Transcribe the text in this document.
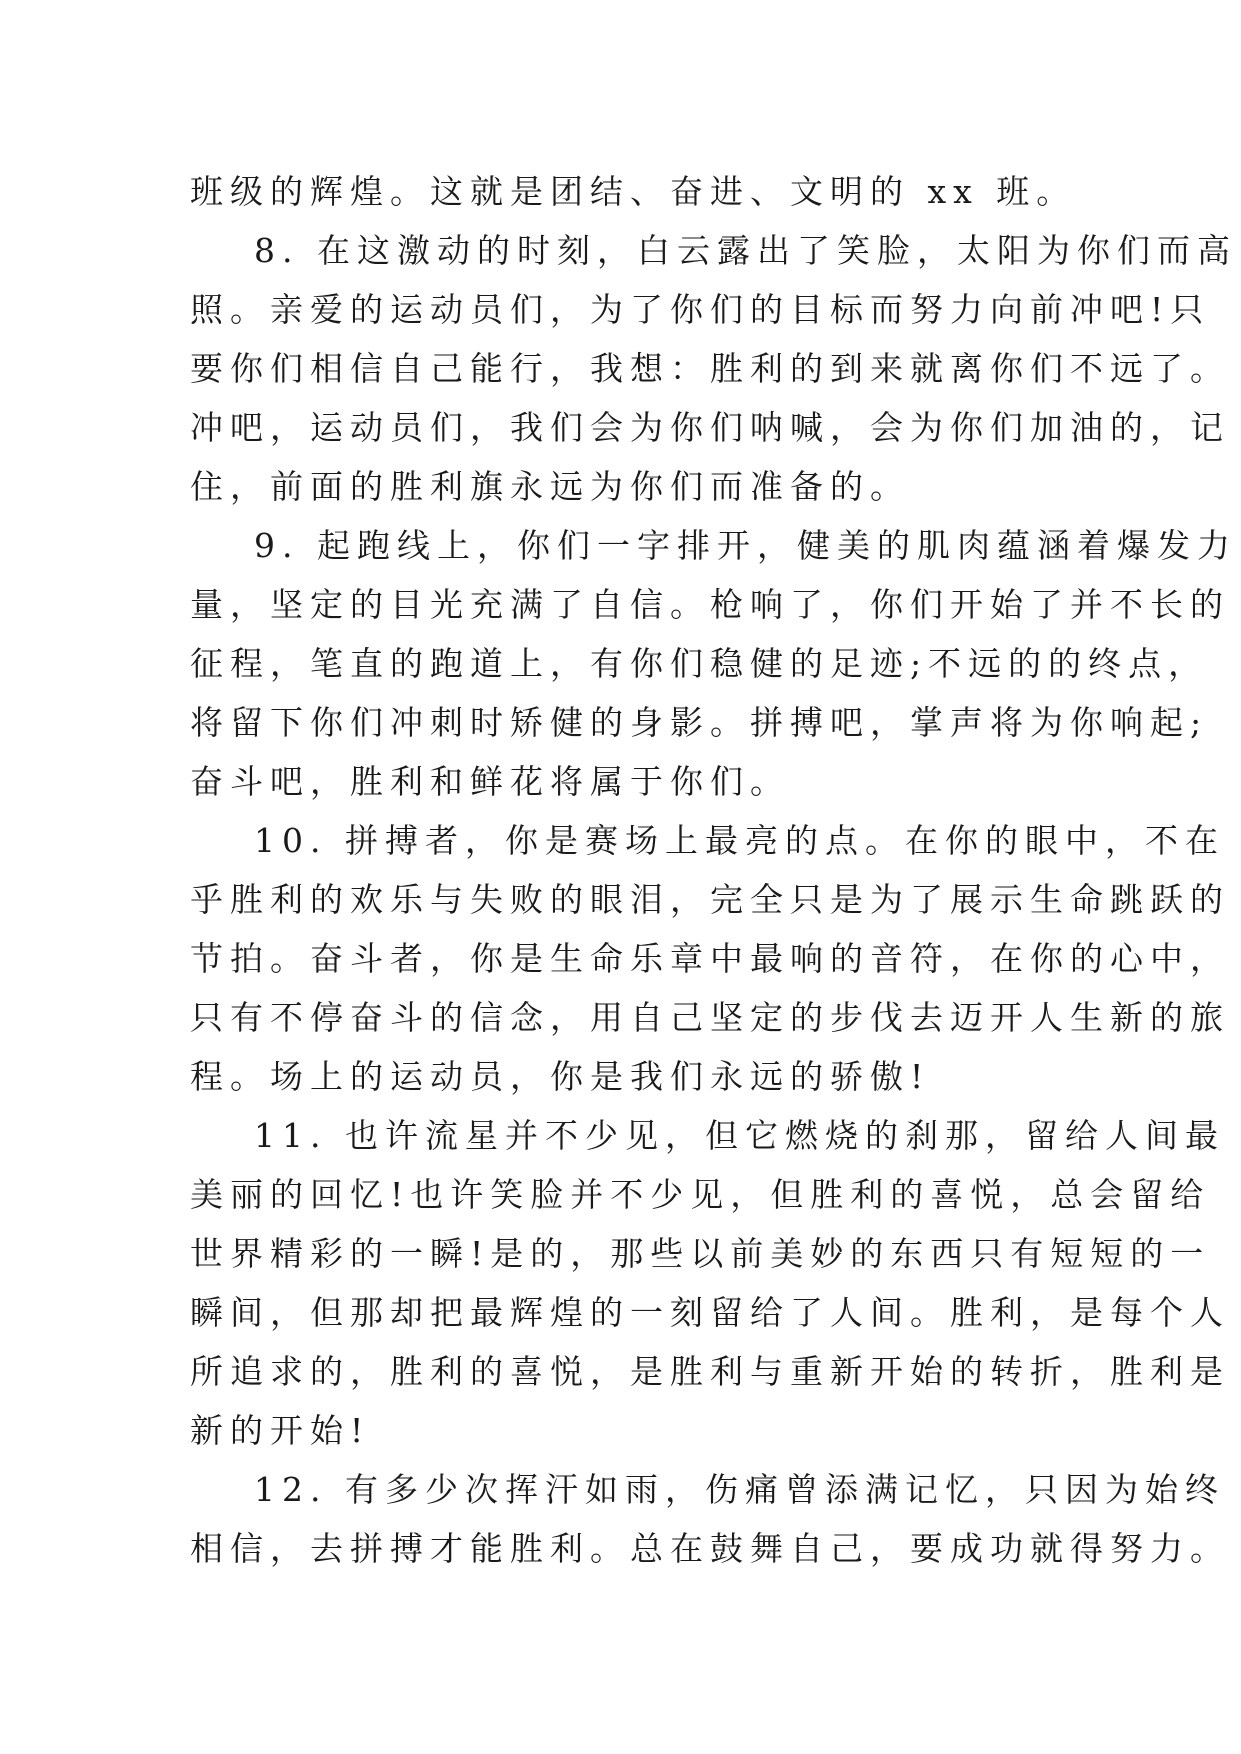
班级的辉煌。这就是团结、奋进、文明的 xx 班。
8. 在这激动的时刻，白云露出了笑脸，太阳为你们而高
照。亲爱的运动员们，为了你们的目标而努力向前冲吧!只
要你们相信自己能行，我想：胜利的到来就离你们不远了。
冲吧，运动员们，我们会为你们呐喊，会为你们加油的，记
住，前面的胜利旗永远为你们而准备的。
9. 起跑线上，你们一字排开，健美的肌肉蕴涵着爆发力
量，坚定的目光充满了自信。枪响了，你们开始了并不长的
征程，笔直的跑道上，有你们稳健的足迹;不远的的终点，
将留下你们冲刺时矫健的身影。拼搏吧，掌声将为你响起;
奋斗吧，胜利和鲜花将属于你们。
10. 拼搏者，你是赛场上最亮的点。在你的眼中，不在
乎胜利的欢乐与失败的眼泪，完全只是为了展示生命跳跃的
节拍。奋斗者，你是生命乐章中最响的音符，在你的心中，
只有不停奋斗的信念，用自己坚定的步伐去迈开人生新的旅
程。场上的运动员，你是我们永远的骄傲!
11. 也许流星并不少见，但它燃烧的刹那，留给人间最
美丽的回忆!也许笑脸并不少见，但胜利的喜悦，总会留给
世界精彩的一瞬!是的，那些以前美妙的东西只有短短的一
瞬间，但那却把最辉煌的一刻留给了人间。胜利，是每个人
所追求的，胜利的喜悦，是胜利与重新开始的转折，胜利是
新的开始!
12. 有多少次挥汗如雨，伤痛曾添满记忆，只因为始终
相信，去拼搏才能胜利。总在鼓舞自己，要成功就得努力。
